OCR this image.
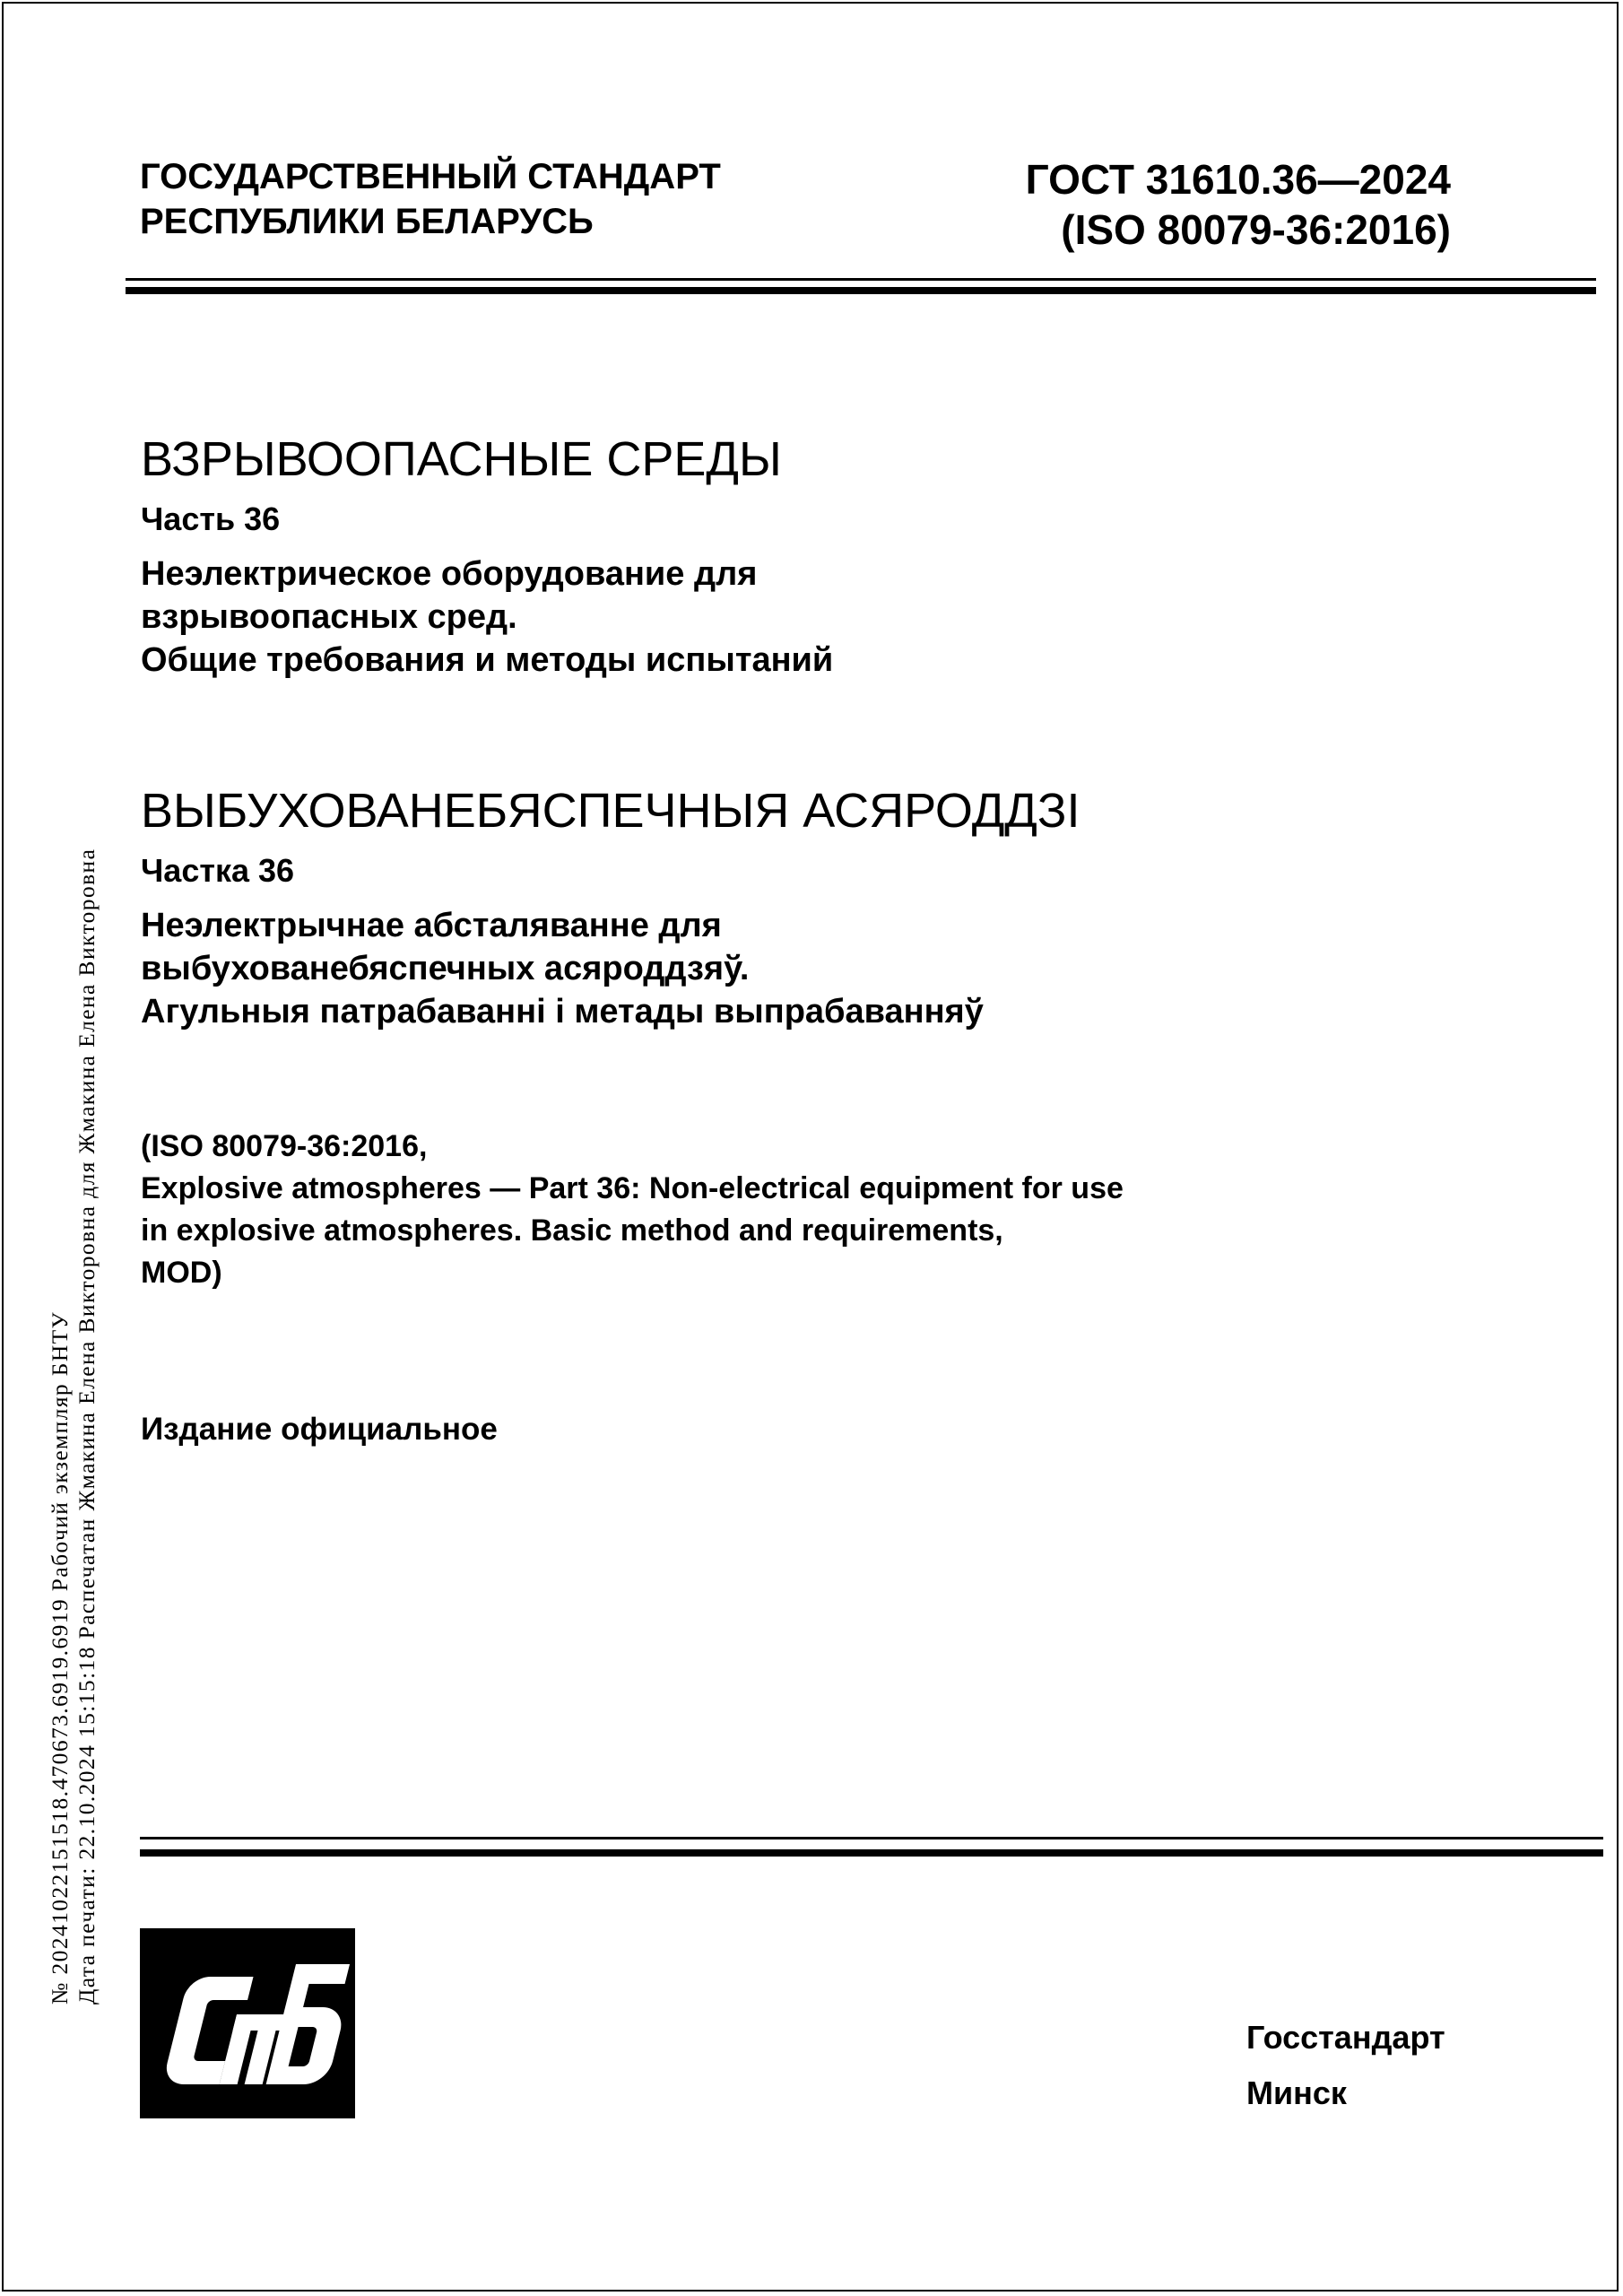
ГОСУДАРСТВЕННЫЙ СТАНДАРТ
РЕСПУБЛИКИ БЕЛАРУСЬ
ГОСТ 31610.36—2024
(ISO 80079-36:2016)
ВЗРЫВООПАСНЫЕ СРЕДЫ
Часть 36
Неэлектрическое оборудование для
взрывоопасных сред.
Общие требования и методы испытаний
ВЫБУХОВАНЕБЯСПЕЧНЫЯ АСЯРОДДЗІ
Частка 36
Неэлектрычнае абсталяванне для
выбухованебяспечных асяроддзяў.
Агульныя патрабаванні і метады выпрабаванняў
(ISO 80079-36:2016,
Explosive atmospheres — Part 36: Non-electrical equipment for use
in explosive atmospheres. Basic method and requirements,
MOD)
Издание официальное
№ 20241022151518.470673.6919.6919 Рабочий экземпляр БНТУ Дата печати: 22.10.2024 15:15:18 Распечатан Жмакина Елена Викторовна для Жмакина Елена Викторовна
Госстандарт
Минск
